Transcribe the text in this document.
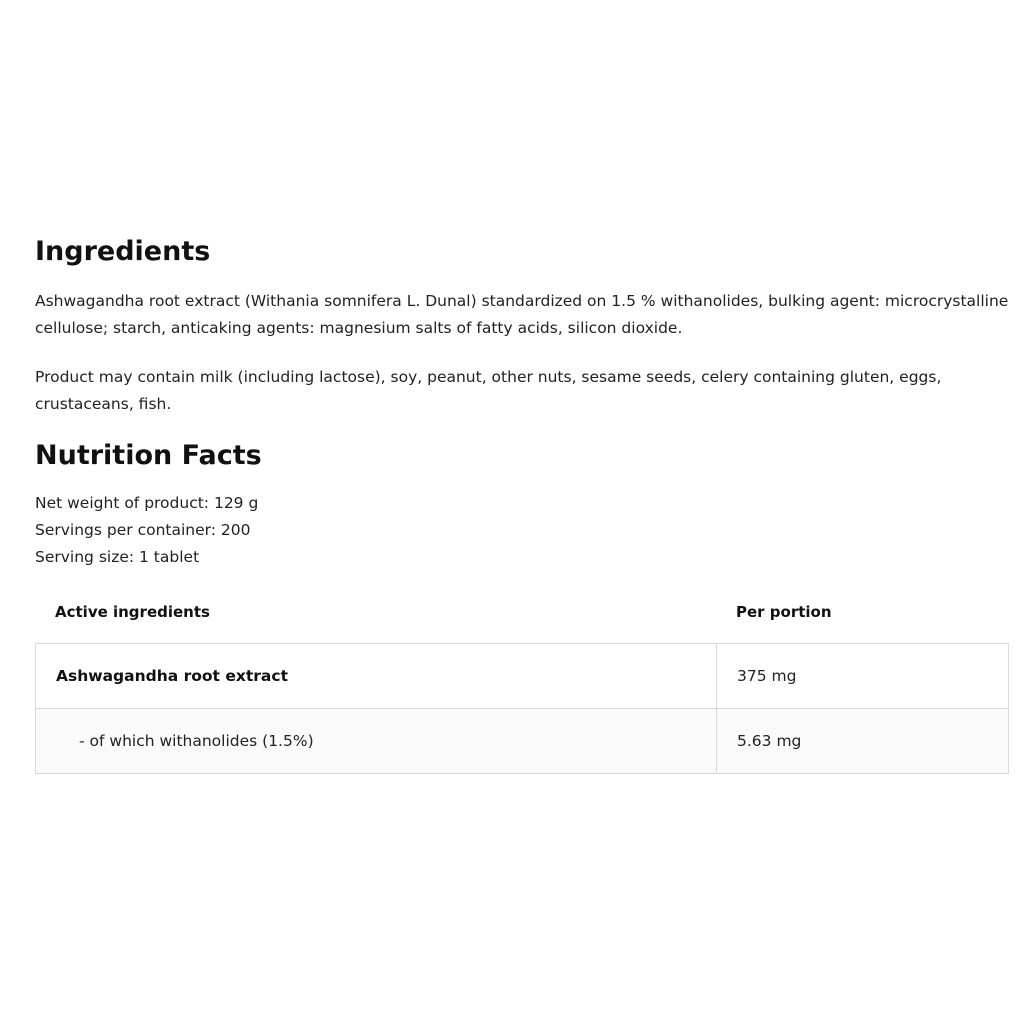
Ingredients

Ashwagandha root extract (Withania somnifera L. Dunal) standardized on 1.5 % withanolides, bulking agent: microcrystalline cellulose; starch, anticaking agents: magnesium salts of fatty acids, silicon dioxide.

Product may contain milk (including lactose), soy, peanut, other nuts, sesame seeds, celery containing gluten, eggs, crustaceans, fish.

Nutrition Facts
Net weight of product: 129 g
Servings per container: 200
Serving size: 1 tablet
Active ingredients	Per portion
Ashwagandha root extract	375 mg
- of which withanolides (1.5%)	5.63 mg
